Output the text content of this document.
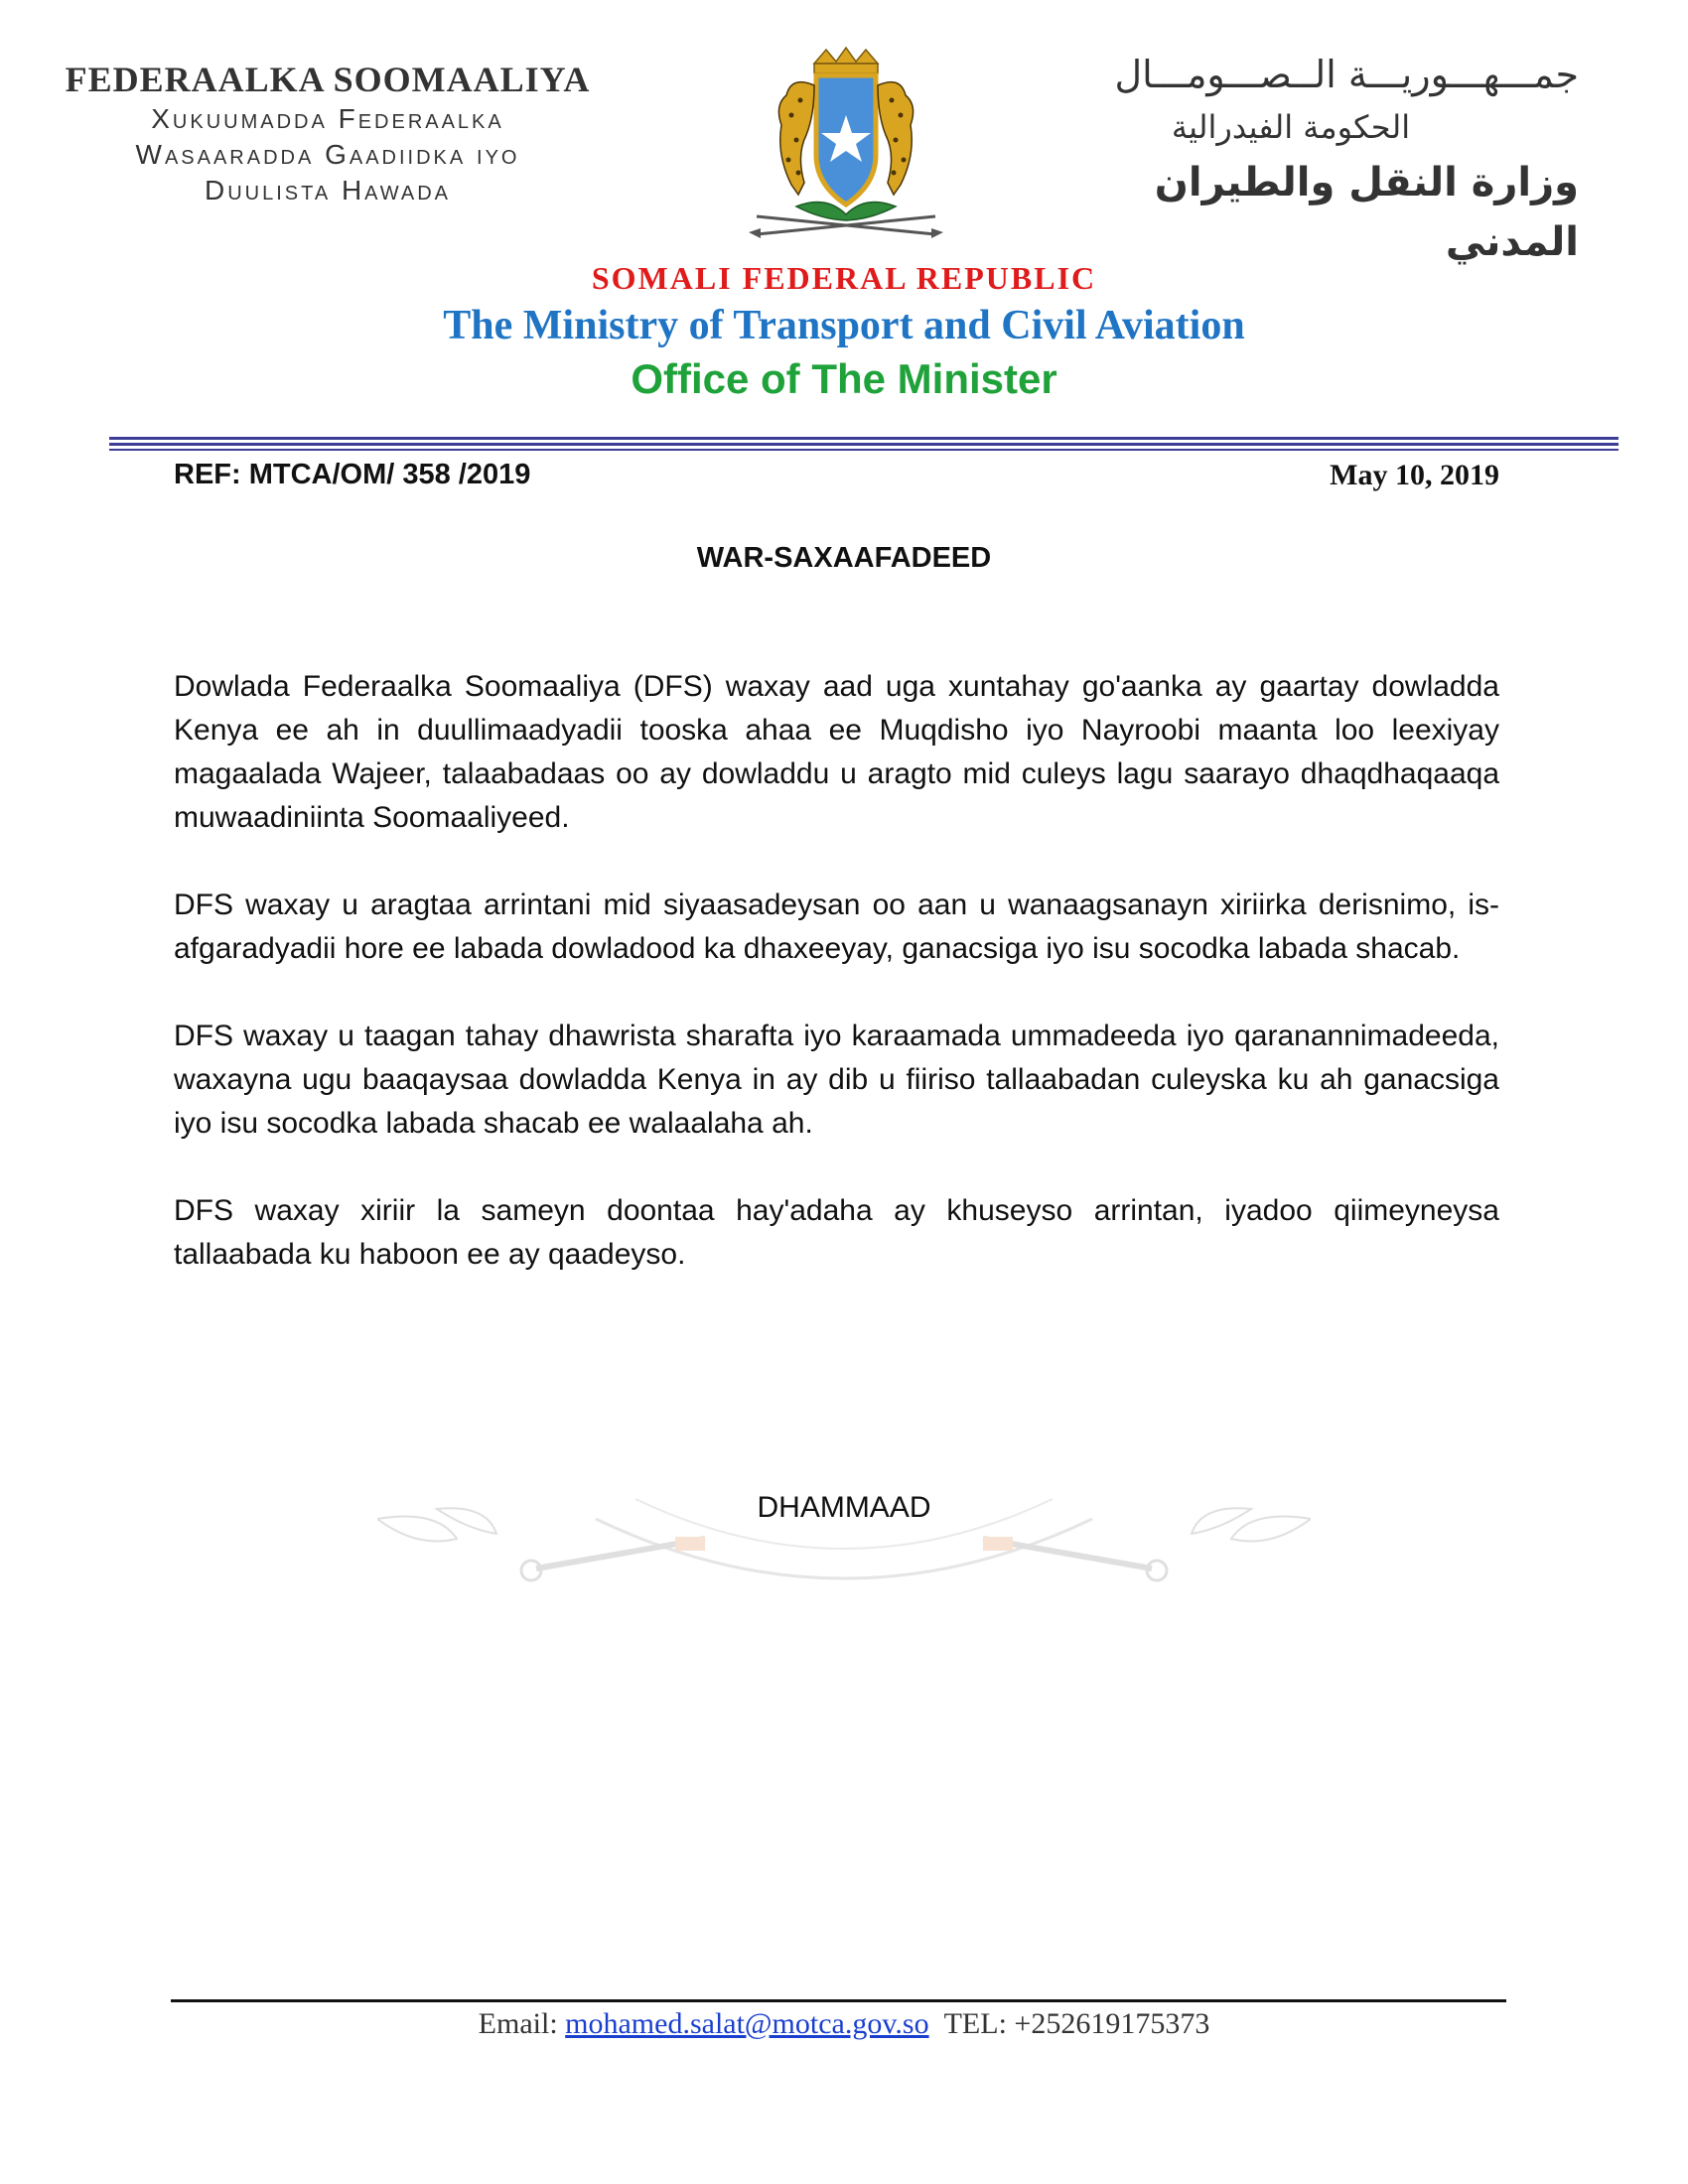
FEDERAALKA SOOMAALIYA

Xukuumadda Federaalka

Wasaaradda Gaadiidka iyo

Duulista Hawada

جمـــهـــوريـــة الــصـــومـــال

الحكومة الفيدرالية

وزارة النقل والطيران المدني

SOMALI FEDERAL REPUBLIC
The Ministry of Transport and Civil Aviation
Office of The Minister
REF: MTCA/OM/ 358 /2019	May 10, 2019
WAR-SAXAAFADEED

Dowlada Federaalka Soomaaliya (DFS) waxay aad uga xuntahay go'aanka ay gaartay dowladda Kenya ee ah in duullimaadyadii tooska ahaa ee Muqdisho iyo Nayroobi maanta loo leexiyay magaalada Wajeer, talaabadaas oo ay dowladdu u aragto mid culeys lagu saarayo dhaqdhaqaaqa muwaadiniinta Soomaaliyeed.

DFS waxay u aragtaa arrintani mid siyaasadeysan oo aan u wanaagsanayn xiriirka derisnimo, is-afgaradyadii hore ee labada dowladood ka dhaxeeyay, ganacsiga iyo isu socodka labada shacab.

DFS waxay u taagan tahay dhawrista sharafta iyo karaamada ummadeeda iyo qaranannimadeeda, waxayna ugu baaqaysaa dowladda Kenya in ay dib u fiiriso tallaabadan culeyska ku ah ganacsiga iyo isu socodka labada shacab ee walaalaha ah.

DFS waxay xiriir la sameyn doontaa hay'adaha ay khuseyso arrintan, iyadoo qiimeyneysa tallaabada ku haboon ee ay qaadeyso.

DHAMMAAD
Email: mohamed.salat@motca.gov.so TEL: +252619175373
